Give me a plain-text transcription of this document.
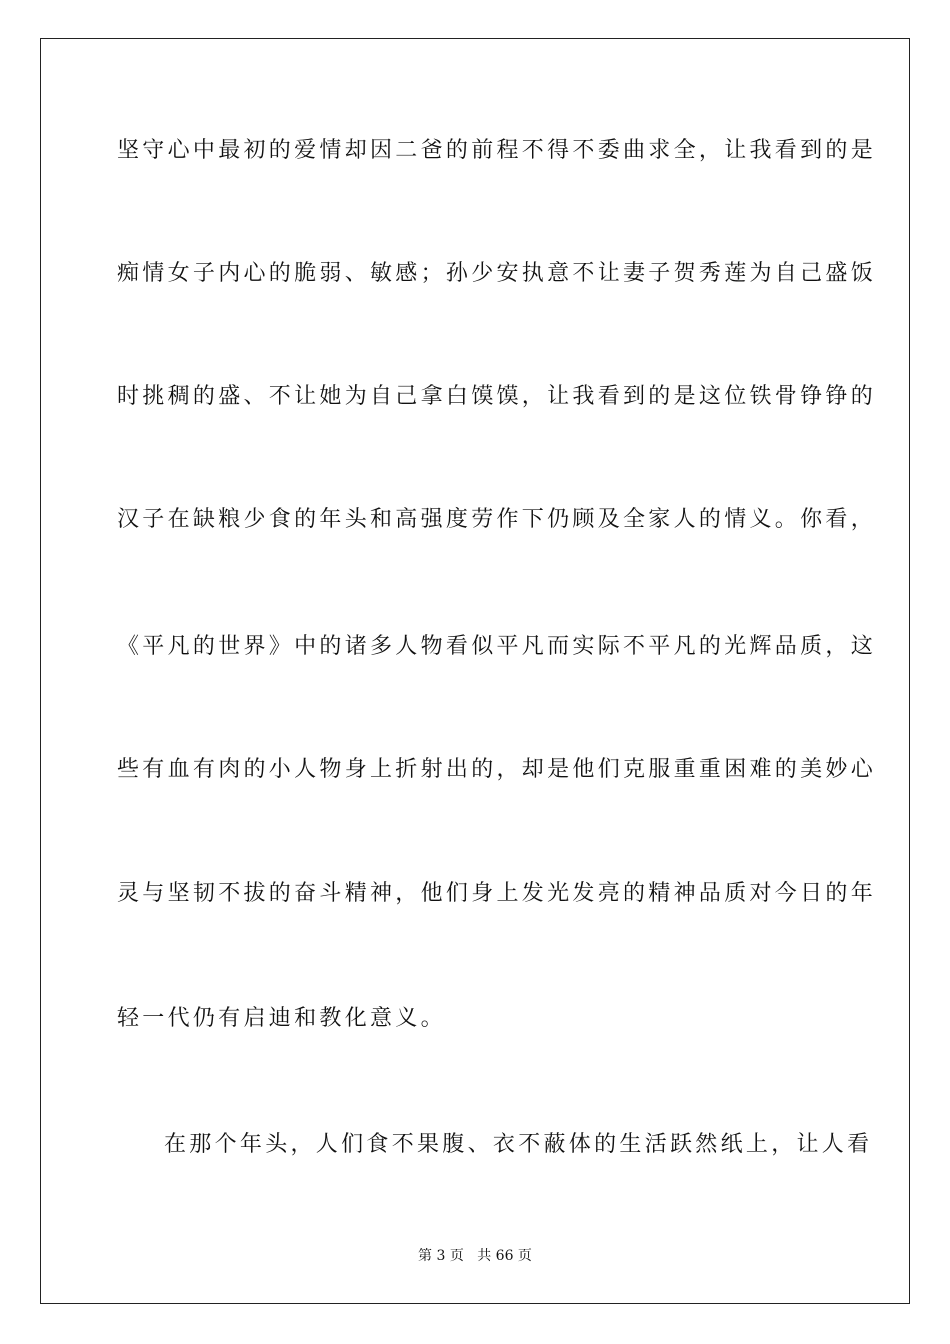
坚守心中最初的爱情却因二爸的前程不得不委曲求全，让我看到的是
痴情女子内心的脆弱、敏感；孙少安执意不让妻子贺秀莲为自己盛饭
时挑稠的盛、不让她为自己拿白馍馍，让我看到的是这位铁骨铮铮的
汉子在缺粮少食的年头和高强度劳作下仍顾及全家人的情义。你看，
《平凡的世界》中的诸多人物看似平凡而实际不平凡的光辉品质，这
些有血有肉的小人物身上折射出的，却是他们克服重重困难的美妙心
灵与坚韧不拔的奋斗精神，他们身上发光发亮的精神品质对今日的年
轻一代仍有启迪和教化意义。
在那个年头，人们食不果腹、衣不蔽体的生活跃然纸上，让人看
第 3 页 共 66 页
